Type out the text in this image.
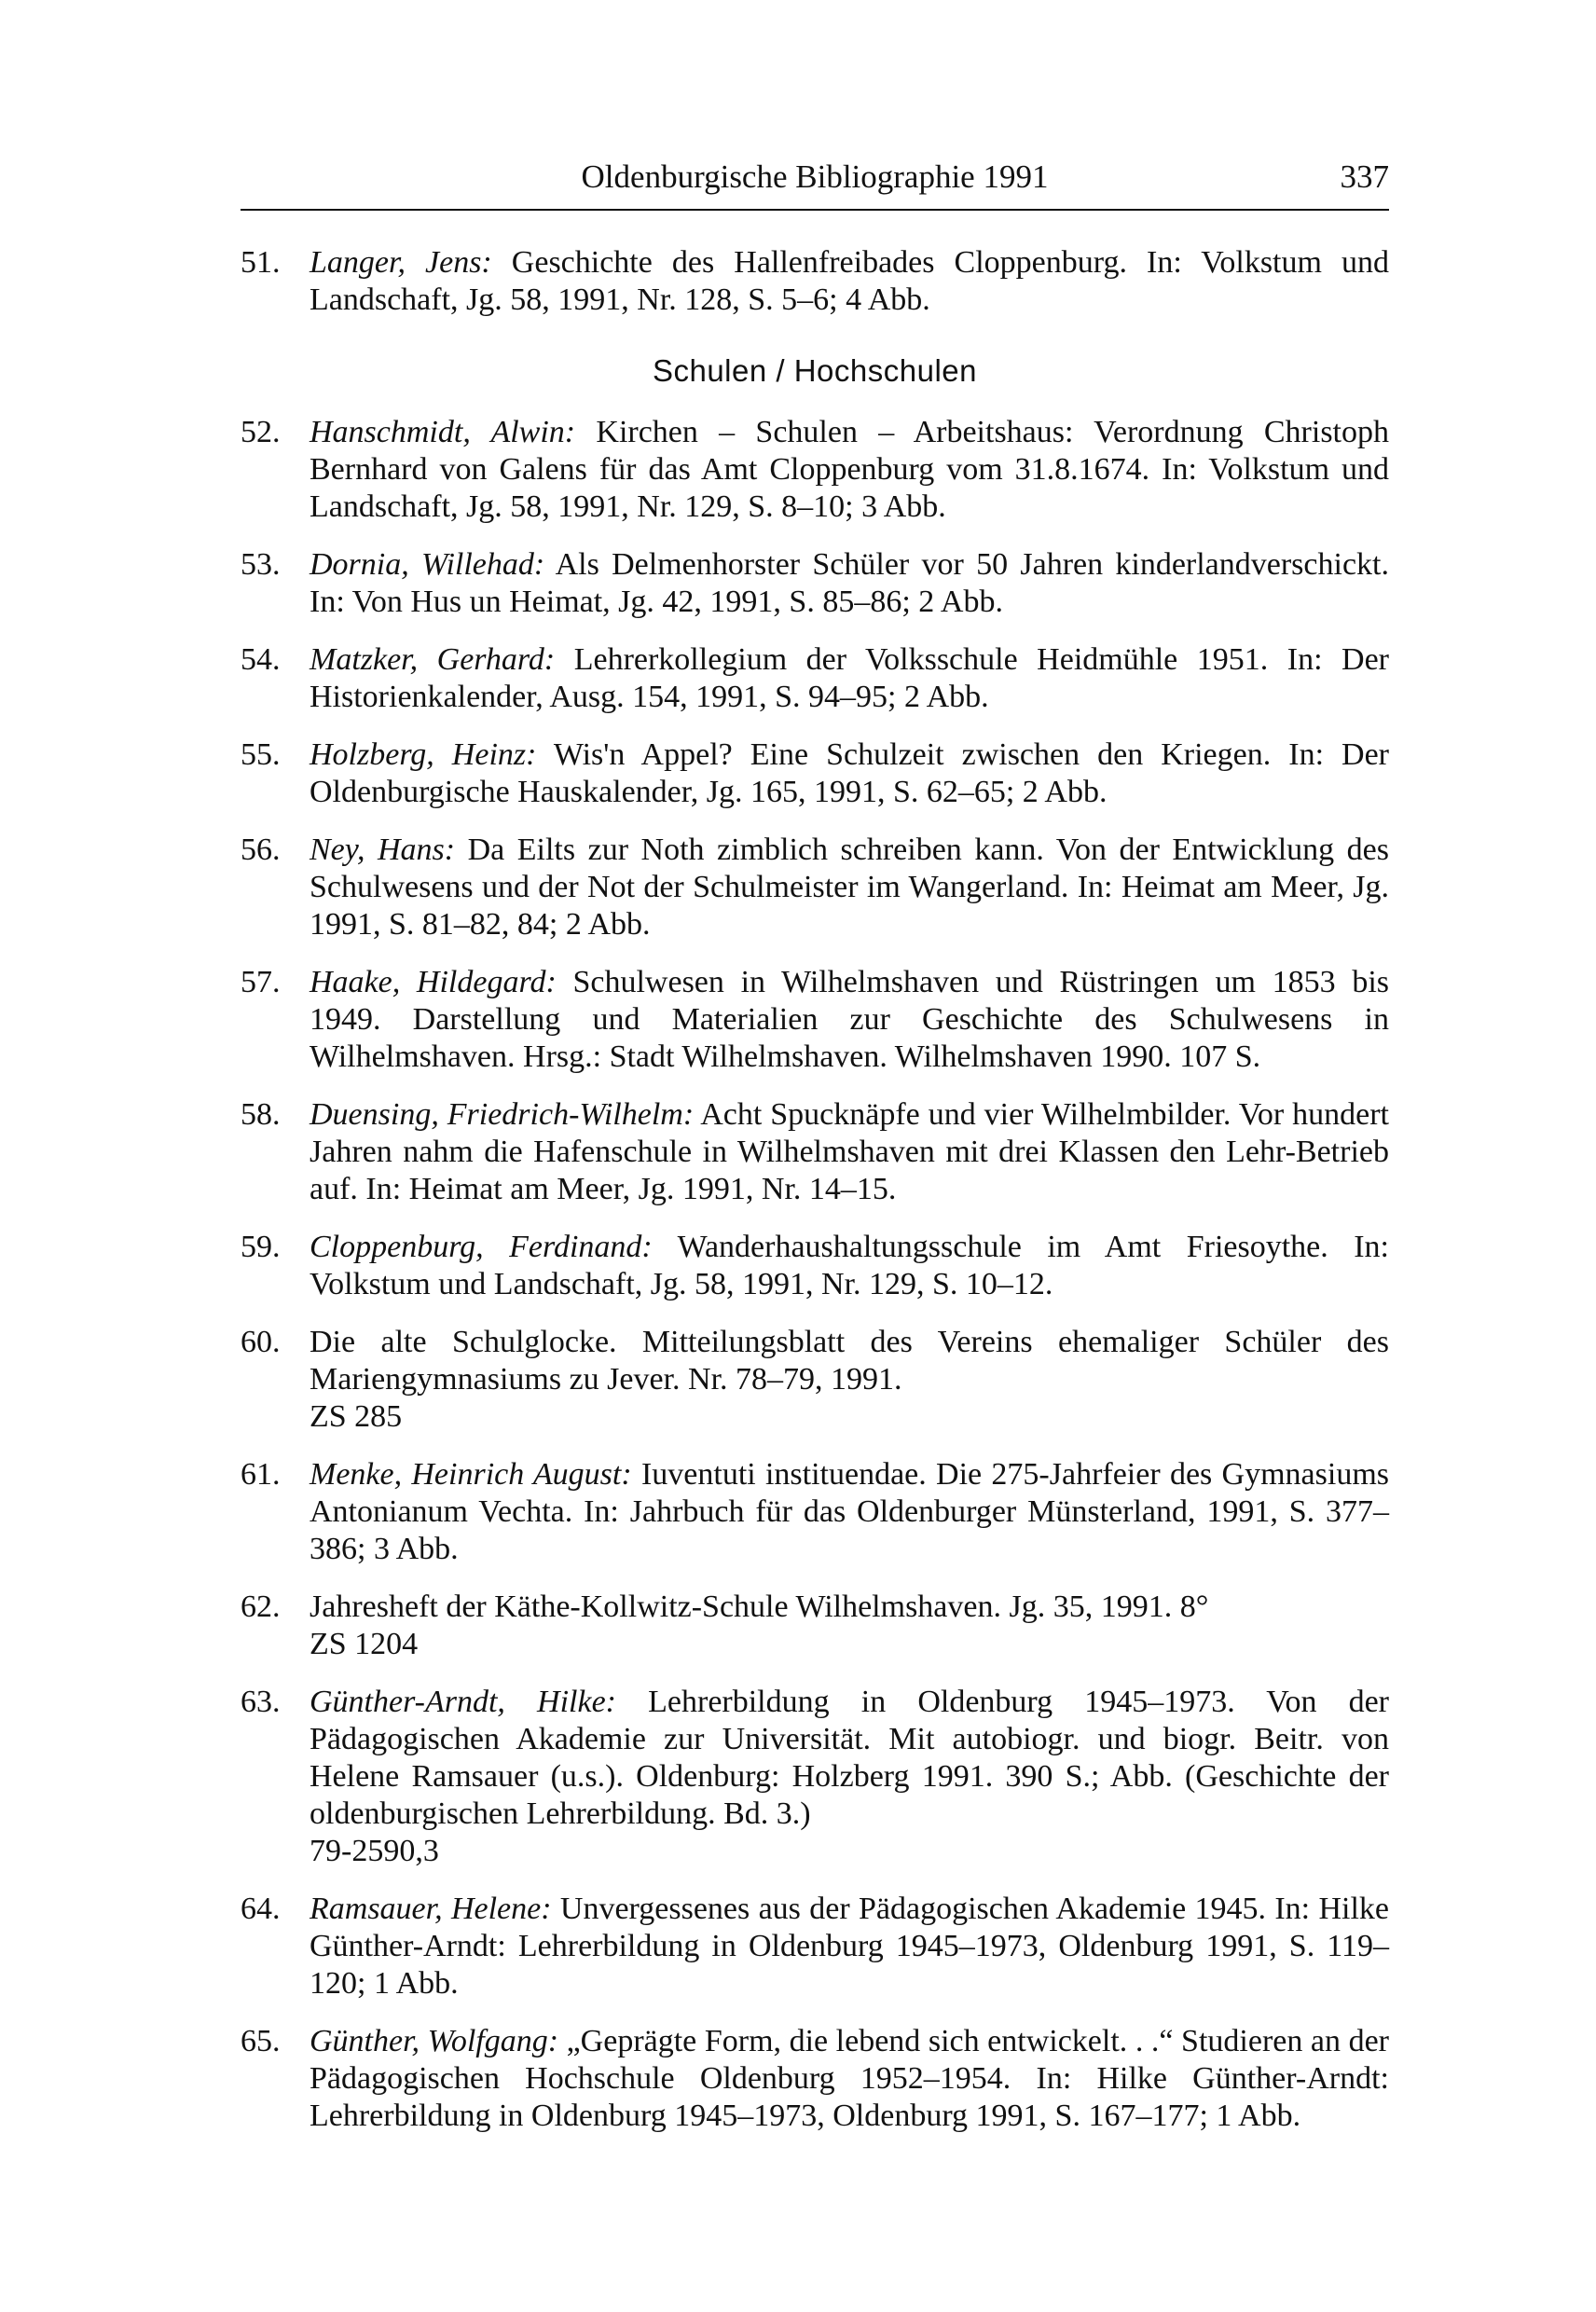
Oldenburgische Bibliographie 1991	337
51. Langer, Jens: Geschichte des Hallenfreibades Cloppenburg. In: Volkstum und Landschaft, Jg. 58, 1991, Nr. 128, S. 5–6; 4 Abb.
Schulen / Hochschulen
52. Hanschmidt, Alwin: Kirchen – Schulen – Arbeitshaus: Verordnung Christoph Bernhard von Galens für das Amt Cloppenburg vom 31.8.1674. In: Volkstum und Landschaft, Jg. 58, 1991, Nr. 129, S. 8–10; 3 Abb.
53. Dornia, Willehad: Als Delmenhorster Schüler vor 50 Jahren kinderlandverschickt. In: Von Hus un Heimat, Jg. 42, 1991, S. 85–86; 2 Abb.
54. Matzker, Gerhard: Lehrerkollegium der Volksschule Heidmühle 1951. In: Der Historienkalender, Ausg. 154, 1991, S. 94–95; 2 Abb.
55. Holzberg, Heinz: Wis'n Appel? Eine Schulzeit zwischen den Kriegen. In: Der Oldenburgische Hauskalender, Jg. 165, 1991, S. 62–65; 2 Abb.
56. Ney, Hans: Da Eilts zur Noth zimblich schreiben kann. Von der Entwicklung des Schulwesens und der Not der Schulmeister im Wangerland. In: Heimat am Meer, Jg. 1991, S. 81–82, 84; 2 Abb.
57. Haake, Hildegard: Schulwesen in Wilhelmshaven und Rüstringen um 1853 bis 1949. Darstellung und Materialien zur Geschichte des Schulwesens in Wilhelmshaven. Hrsg.: Stadt Wilhelmshaven. Wilhelmshaven 1990. 107 S.
58. Duensing, Friedrich-Wilhelm: Acht Spucknäpfe und vier Wilhelmbilder. Vor hundert Jahren nahm die Hafenschule in Wilhelmshaven mit drei Klassen den Lehr-Betrieb auf. In: Heimat am Meer, Jg. 1991, Nr. 14–15.
59. Cloppenburg, Ferdinand: Wanderhaushaltungsschule im Amt Friesoythe. In: Volkstum und Landschaft, Jg. 58, 1991, Nr. 129, S. 10–12.
60. Die alte Schulglocke. Mitteilungsblatt des Vereins ehemaliger Schüler des Mariengymnasiums zu Jever. Nr. 78–79, 1991.
ZS 285
61. Menke, Heinrich August: Iuventuti instituendae. Die 275-Jahrfeier des Gymnasiums Antonianum Vechta. In: Jahrbuch für das Oldenburger Münsterland, 1991, S. 377–386; 3 Abb.
62. Jahresheft der Käthe-Kollwitz-Schule Wilhelmshaven. Jg. 35, 1991. 8°
ZS 1204
63. Günther-Arndt, Hilke: Lehrerbildung in Oldenburg 1945–1973. Von der Pädagogischen Akademie zur Universität. Mit autobiogr. und biogr. Beitr. von Helene Ramsauer (u.s.). Oldenburg: Holzberg 1991. 390 S.; Abb. (Geschichte der oldenburgischen Lehrerbildung. Bd. 3.)
79-2590,3
64. Ramsauer, Helene: Unvergessenes aus der Pädagogischen Akademie 1945. In: Hilke Günther-Arndt: Lehrerbildung in Oldenburg 1945–1973, Oldenburg 1991, S. 119–120; 1 Abb.
65. Günther, Wolfgang: „Geprägte Form, die lebend sich entwickelt. . .“ Studieren an der Pädagogischen Hochschule Oldenburg 1952–1954. In: Hilke Günther-Arndt: Lehrerbildung in Oldenburg 1945–1973, Oldenburg 1991, S. 167–177; 1 Abb.
